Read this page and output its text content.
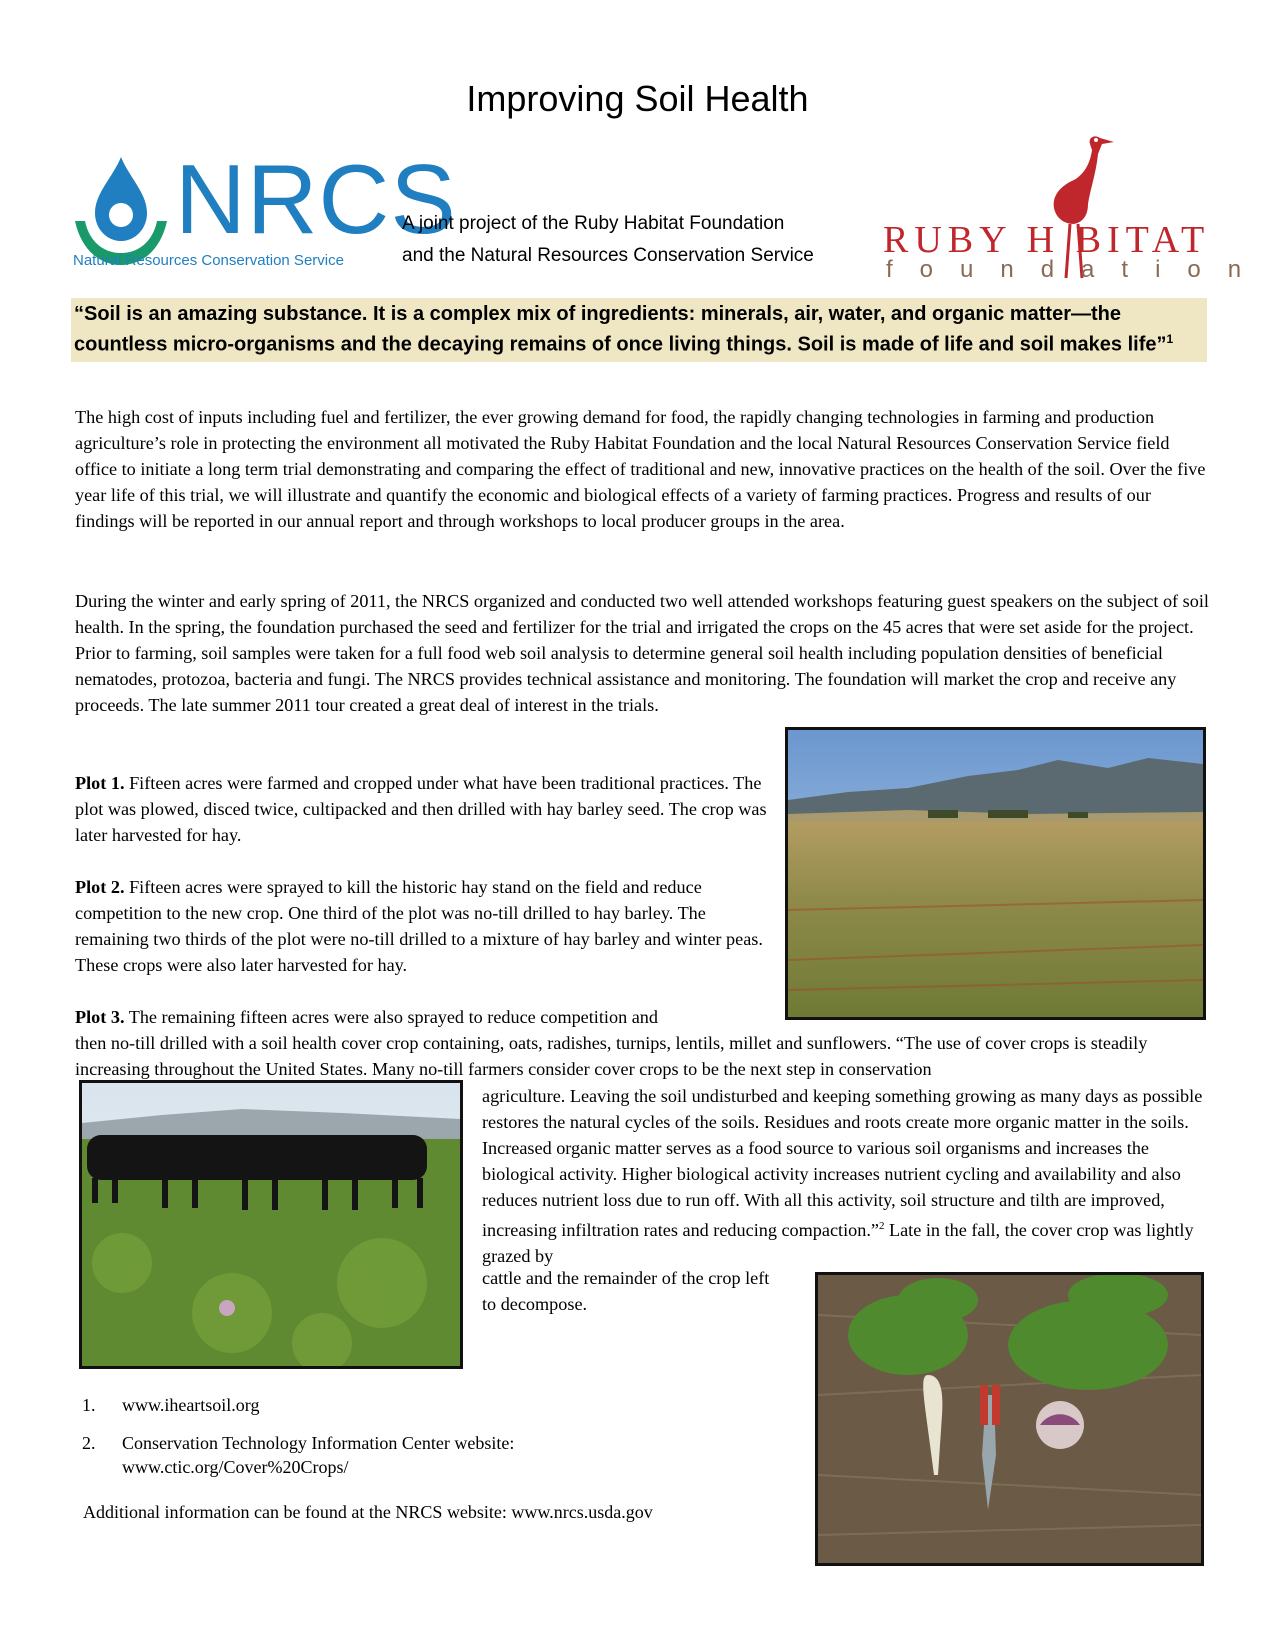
Improving Soil Health
NRCS
Natural Resources Conservation Service
A joint project of the Ruby Habitat Foundation
and the Natural Resources Conservation Service	RUBY H BITAT
foundation
“Soil is an amazing substance. It is a complex mix of ingredients: minerals, air, water, and organic matter—the countless micro-organisms and the decaying remains of once living things. Soil is made of life and soil makes life”$^1$
The high cost of inputs including fuel and fertilizer, the ever growing demand for food, the rapidly changing technologies in farming and production agriculture’s role in protecting the environment all motivated the Ruby Habitat Foundation and the local Natural Resources Conservation Service field office to initiate a long term trial demonstrating and comparing the effect of traditional and new, innovative practices on the health of the soil. Over the five year life of this trial, we will illustrate and quantify the economic and biological effects of a variety of farming practices. Progress and results of our findings will be reported in our annual report and through workshops to local producer groups in the area.
During the winter and early spring of 2011, the NRCS organized and conducted two well attended workshops featuring guest speakers on the subject of soil health. In the spring, the foundation purchased the seed and fertilizer for the trial and irrigated the crops on the 45 acres that were set aside for the project. Prior to farming, soil samples were taken for a full food web soil analysis to determine general soil health including population densities of beneficial nematodes, protozoa, bacteria and fungi. The NRCS provides technical assistance and monitoring. The foundation will market the crop and receive any proceeds. The late summer 2011 tour created a great deal of interest in the trials.
Plot 1. Fifteen acres were farmed and cropped under what have been traditional practices. The plot was plowed, disced twice, cultipacked and then drilled with hay barley seed. The crop was later harvested for hay.
Plot 2. Fifteen acres were sprayed to kill the historic hay stand on the field and reduce competition to the new crop. One third of the plot was no-till drilled to hay barley. The remaining two thirds of the plot were no-till drilled to a mixture of hay barley and winter peas. These crops were also later harvested for hay.
Plot 3. The remaining fifteen acres were also sprayed to reduce competition and
then no-till drilled with a soil health cover crop containing, oats, radishes, turnips, lentils, millet and sunflowers. “The use of cover crops is steadily increasing throughout the United States. Many no-till farmers consider cover crops to be the next step in conservation
agriculture. Leaving the soil undisturbed and keeping something growing as many days as possible restores the natural cycles of the soils. Residues and roots create more organic matter in the soils. Increased organic matter serves as a food source to various soil organisms and increases the biological activity. Higher biological activity increases nutrient cycling and availability and also reduces nutrient loss due to run off. With all this activity, soil structure and tilth are improved, increasing infiltration rates and reducing compaction.”$^2$ Late in the fall, the cover crop was lightly grazed by
cattle and the remainder of the crop left to decompose.
1. www.iheartsoil.org
2. Conservation Technology Information Center website:
www.ctic.org/Cover%20Crops/
Additional information can be found at the NRCS website: www.nrcs.usda.gov
